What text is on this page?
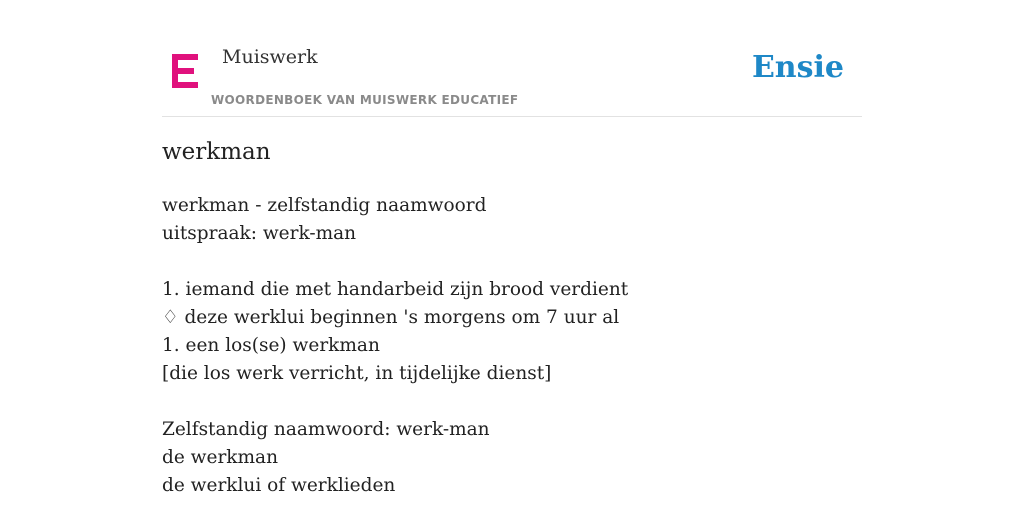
Muiswerk
WOORDENBOEK VAN MUISWERK EDUCATIEF
Ensie
werkman
werkman - zelfstandig naamwoord
uitspraak: werk-man
1. iemand die met handarbeid zijn brood verdient
♢ deze werklui beginnen 's morgens om 7 uur al
1. een los(se) werkman
[die los werk verricht, in tijdelijke dienst]
Zelfstandig naamwoord: werk-man
de werkman
de werklui of werklieden
